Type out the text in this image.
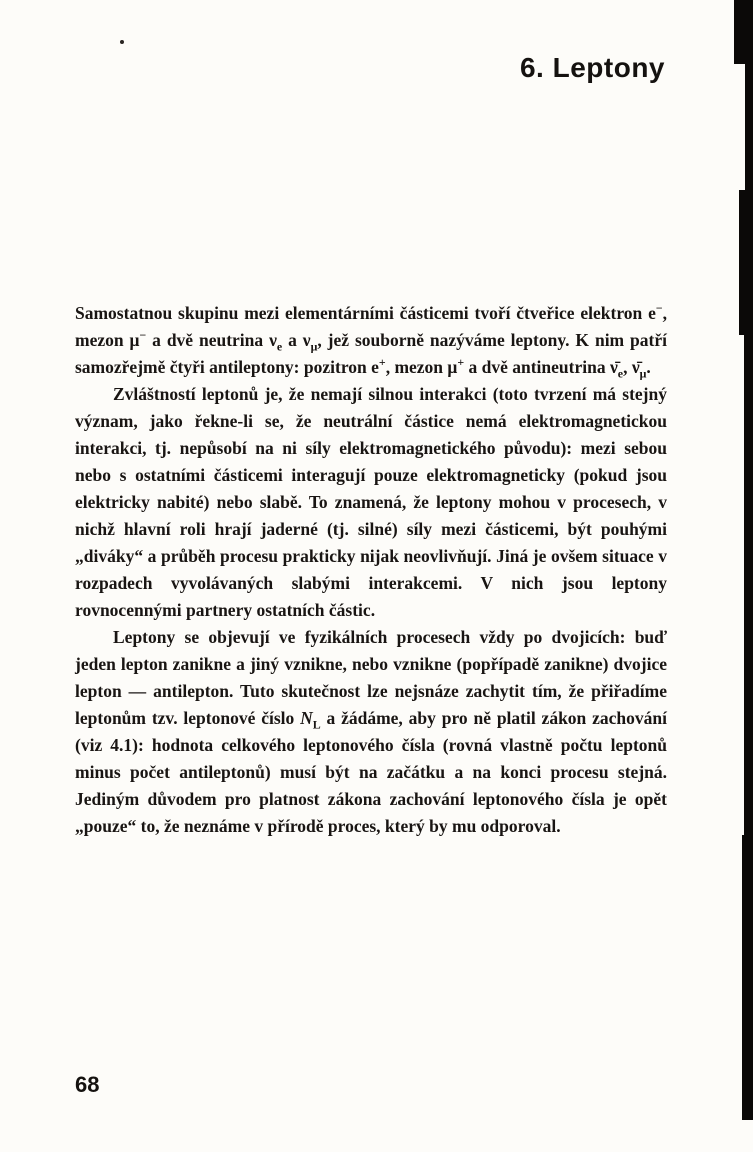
6. Leptony

Samostatnou skupinu mezi elementárními částicemi tvoří čtveřice elektron e−, mezon μ− a dvě neutrina $\nu_e$ a $\nu_\mu$, jež souborně nazýváme leptony. K nim patří samozřejmě čtyři antileptony: pozitron e+, mezon μ+ a dvě antineutrina $\nū_e$, $\nū_\mu$.

Zvláštností leptonů je, že nemají silnou interakci (toto tvrzení má stejný význam, jako řekne-li se, že neutrální částice nemá elektromagnetickou interakci, tj. nepůsobí na ni síly elektromagnetického původu): mezi sebou nebo s ostatními částicemi interagují pouze elektromagneticky (pokud jsou elektricky nabité) nebo slabě. To znamená, že leptony mohou v procesech, v nichž hlavní roli hrají jaderné (tj. silné) síly mezi částicemi, být pouhými „diváky“ a průběh procesu prakticky nijak neovlivňují. Jiná je ovšem situace v rozpadech vyvolávaných slabými interakcemi. V nich jsou leptony rovnocennými partnery ostatních částic.

Leptony se objevují ve fyzikálních procesech vždy po dvojicích: buď jeden lepton zanikne a jiný vznikne, nebo vznikne (popřípadě zanikne) dvojice lepton — antilepton. Tuto skutečnost lze nejsnáze zachytit tím, že přiřadíme leptonům tzv. leptonové číslo $N_L$ a žádáme, aby pro ně platil zákon zachování (viz 4.1): hodnota celkového leptonového čísla (rovná vlastně počtu leptonů minus počet antileptonů) musí být na začátku a na konci procesu stejná. Jediným důvodem pro platnost zákona zachování leptonového čísla je opět „pouze“ to, že neznáme v přírodě proces, který by mu odporoval.

68
